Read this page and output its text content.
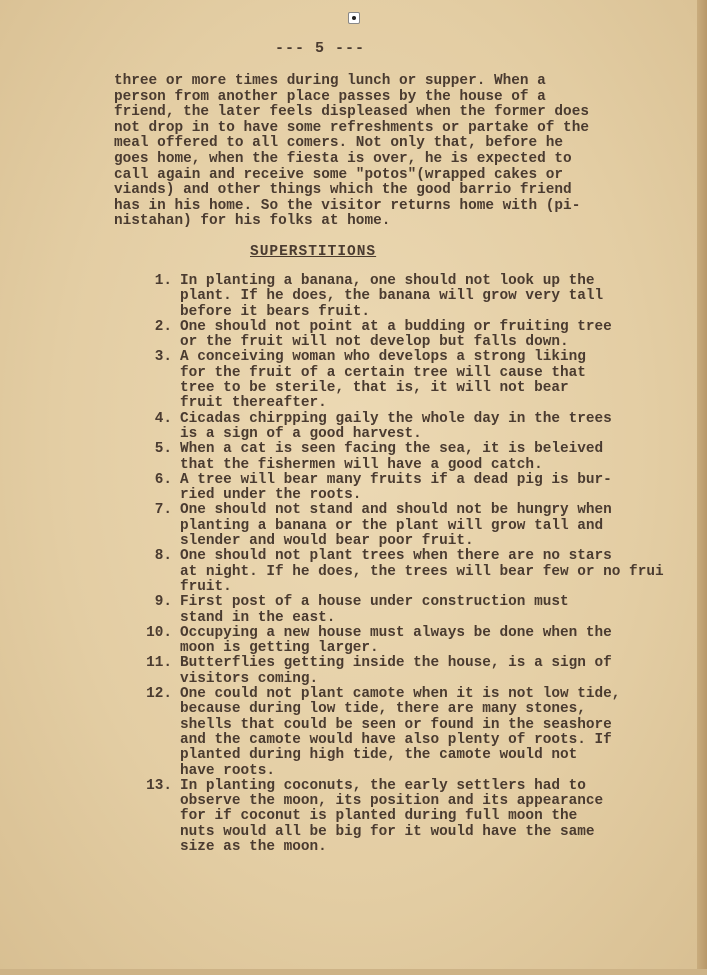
--- 5 ---

three or more times during lunch or supper. When a
person from another place passes by the house of a
friend, the later feels displeased when the former does
not drop in to have some refreshments or partake of the
meal offered to all comers. Not only that, before he
goes home, when the fiesta is over, he is expected to
call again and receive some "potos"(wrapped cakes or
viands) and other things which the good barrio friend
has in his home. So the visitor returns home with (pi-
nistahan) for his folks at home.

SUPERSTITIONS
1. In planting a banana, one should not look up the
plant. If he does, the banana will grow very tall
before it bears fruit.
2. One should not point at a budding or fruiting tree
or the fruit will not develop but falls down.
3. A conceiving woman who develops a strong liking
for the fruit of a certain tree will cause that
tree to be sterile, that is, it will not bear
fruit thereafter.
4. Cicadas chirpping gaily the whole day in the trees
is a sign of a good harvest.
5. When a cat is seen facing the sea, it is beleived
that the fishermen will have a good catch.
6. A tree will bear many fruits if a dead pig is bur-
ried under the roots.
7. One should not stand and should not be hungry when
planting a banana or the plant will grow tall and
slender and would bear poor fruit.
8. One should not plant trees when there are no stars
at night. If he does, the trees will bear few or no frui
fruit.
9. First post of a house under construction must
stand in the east.
10. Occupying a new house must always be done when the
moon is getting larger.
11. Butterflies getting inside the house, is a sign of
visitors coming.
12. One could not plant camote when it is not low tide,
because during low tide, there are many stones,
shells that could be seen or found in the seashore
and the camote would have also plenty of roots. If
planted during high tide, the camote would not
have roots.
13. In planting coconuts, the early settlers had to
observe the moon, its position and its appearance
for if coconut is planted during full moon the
nuts would all be big for it would have the same
size as the moon.
